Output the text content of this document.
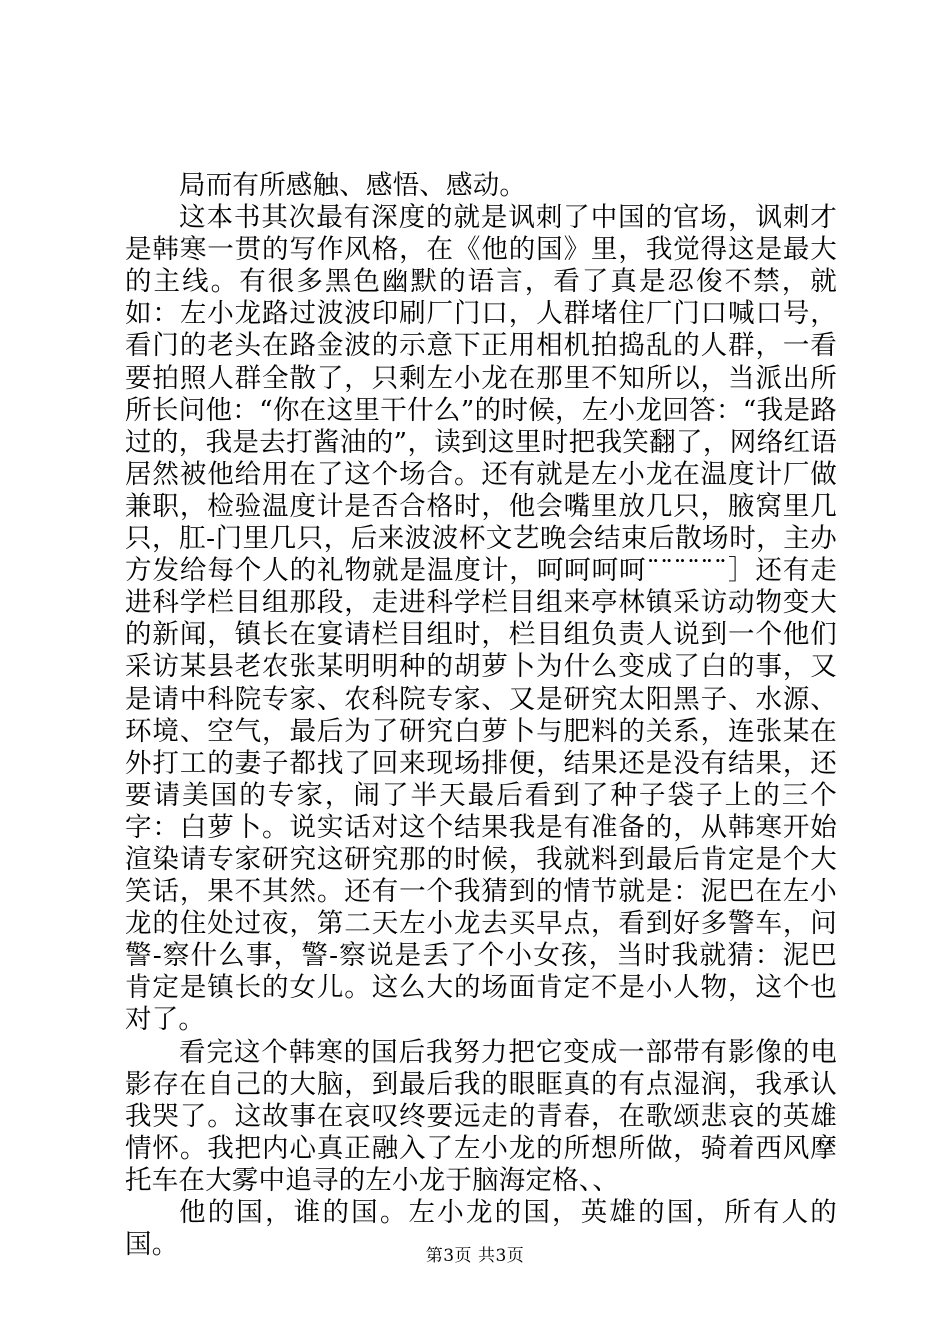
局而有所感触、感悟、感动。

这本书其次最有深度的就是讽刺了中国的官场，讽刺才是韩寒一贯的写作风格，在《他的国》里，我觉得这是最大的主线。有很多黑色幽默的语言，看了真是忍俊不禁，就如：左小龙路过波波印刷厂门口，人群堵住厂门口喊口号，看门的老头在路金波的示意下正用相机拍捣乱的人群，一看要拍照人群全散了，只剩左小龙在那里不知所以，当派出所所长问他：“你在这里干什么”的时候，左小龙回答：“我是路过的，我是去打酱油的”，读到这里时把我笑翻了，网络红语居然被他给用在了这个场合。还有就是左小龙在温度计厂做兼职，检验温度计是否合格时，他会嘴里放几只，腋窝里几只，肛-门里几只，后来波波杯文艺晚会结束后散场时，主办方发给每个人的礼物就是温度计，呵呵呵呵¨¨¨¨¨¨］还有走进科学栏目组那段，走进科学栏目组来亭林镇采访动物变大的新闻，镇长在宴请栏目组时，栏目组负责人说到一个他们采访某县老农张某明明种的胡萝卜为什么变成了白的事，又是请中科院专家、农科院专家、又是研究太阳黑子、水源、环境、空气，最后为了研究白萝卜与肥料的关系，连张某在外打工的妻子都找了回来现场排便，结果还是没有结果，还要请美国的专家，闹了半天最后看到了种子袋子上的三个字：白萝卜。说实话对这个结果我是有准备的，从韩寒开始渲染请专家研究这研究那的时候，我就料到最后肯定是个大笑话，果不其然。还有一个我猜到的情节就是：泥巴在左小龙的住处过夜，第二天左小龙去买早点，看到好多警车，问警-察什么事，警-察说是丢了个小女孩，当时我就猜：泥巴肯定是镇长的女儿。这么大的场面肯定不是小人物，这个也对了。

看完这个韩寒的国后我努力把它变成一部带有影像的电影存在自己的大脑，到最后我的眼眶真的有点湿润，我承认我哭了。这故事在哀叹终要远走的青春，在歌颂悲哀的英雄情怀。我把内心真正融入了左小龙的所想所做，骑着西风摩托车在大雾中追寻的左小龙于脑海定格、、

他的国，谁的国。左小龙的国，英雄的国，所有人的国。	第3页 共3页
